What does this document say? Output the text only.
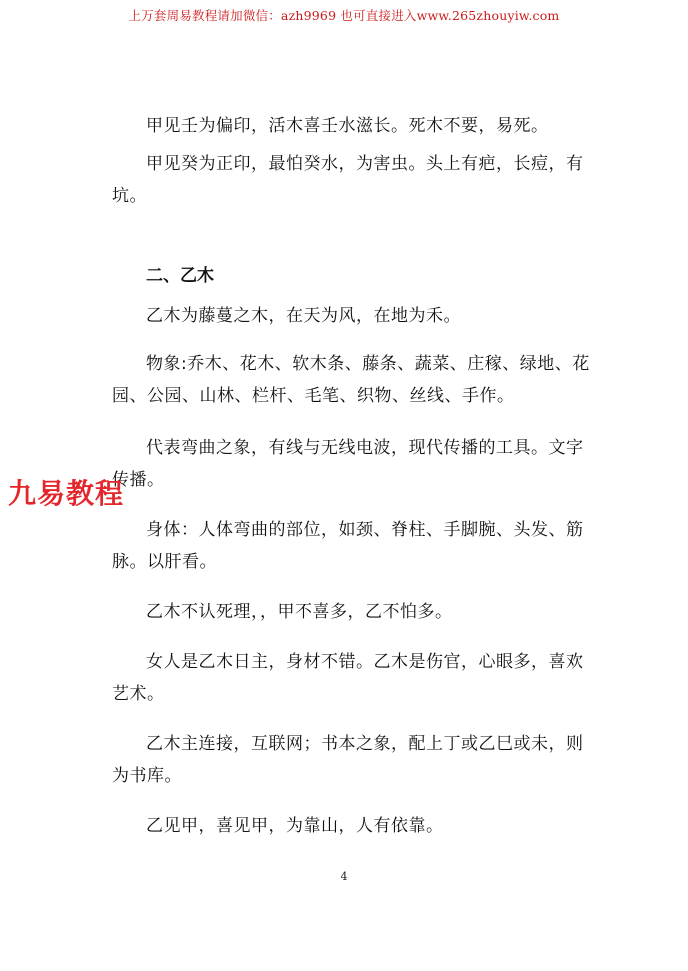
上万套周易教程请加微信：azh9969 也可直接进入www.265zhouyiw.com
甲见壬为偏印，活木喜壬水滋长。死木不要，易死。
甲见癸为正印，最怕癸水，为害虫。头上有疤，长痘，有坑。
二、乙木
乙木为藤蔓之木，在天为风，在地为禾。
物象:乔木、花木、软木条、藤条、蔬菜、庄稼、绿地、花园、公园、山林、栏杆、毛笔、织物、丝线、手作。
代表弯曲之象，有线与无线电波，现代传播的工具。文字传播。
身体：人体弯曲的部位，如颈、脊柱、手脚腕、头发、筋脉。以肝看。
乙木不认死理，，甲不喜多，乙不怕多。
女人是乙木日主，身材不错。乙木是伤官，心眼多，喜欢艺术。
乙木主连接，互联网；书本之象，配上丁或乙巳或未，则为书库。
乙见甲，喜见甲，为靠山，人有依靠。
九易教程
4
